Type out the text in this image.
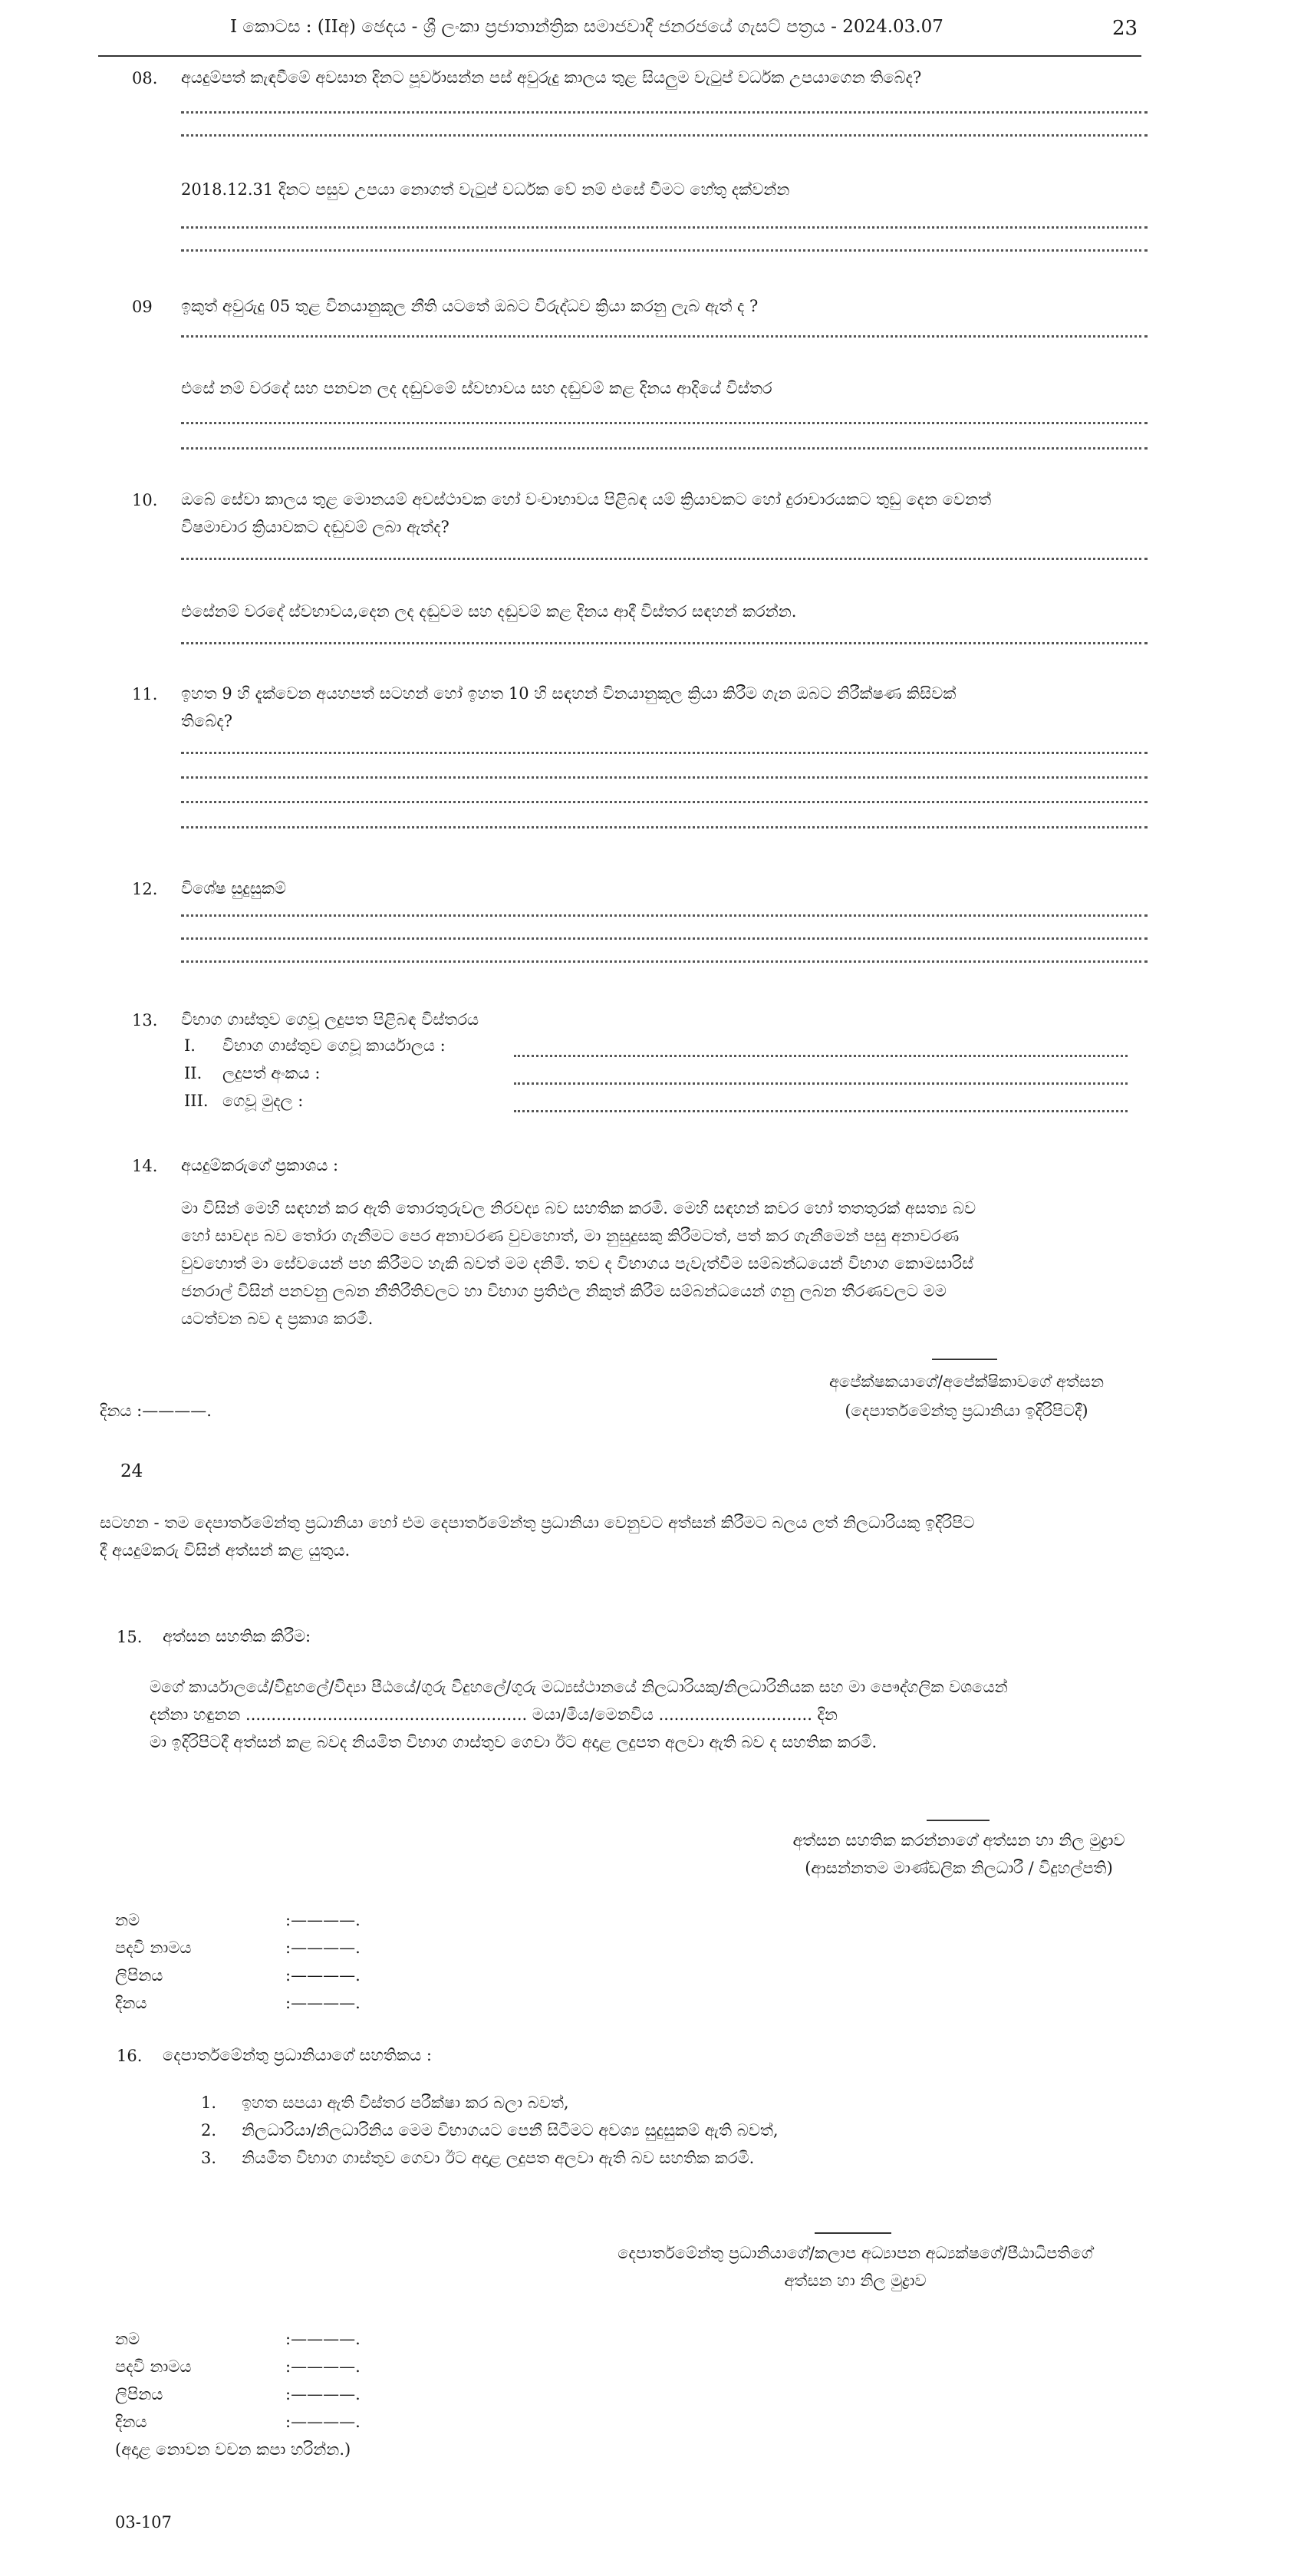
I කොටස : (IIඅ) ඡෙදය - ශ්‍රී ලංකා ප්‍රජාතාන්ත්‍රික සමාජවාදී ජනරජයේ ගැසට් පත්‍රය - 2024.03.07	23
08. අයදුම්පත් කැඳවීමේ අවසාන දිනට පූර්වාසන්න පස් අවුරුදු කාලය තුළ සියලුම වැටුප් වර්ධක උපයාගෙන තිබේද?
2018.12.31 දිනට පසුව උපයා නොගත් වැටුප් වර්ධක වේ නම් එසේ වීමට හේතු දක්වන්න
09 ඉකුත් අවුරුදු 05 තුළ විනයානුකූල නීති යටතේ ඔබට විරුද්ධව ක්‍රියා කරනු ලැබ ඇත් ද ?
එසේ නම් වරදේ සහ පනවන ලද දඬුවමේ ස්වභාවය සහ දඬුවම් කළ දිනය ආදියේ විස්තර
10. ඔබේ සේවා කාලය තුළ මොනයම් අවස්ථාවක හෝ වංචාභාවය පිළිබඳ යම් ක්‍රියාවකට හෝ දුරාචාරයකට තුඩු දෙන වෙනත්
විෂමාචාර ක්‍රියාවකට දඬුවම් ලබා ඇත්ද?
එසේනම් වරදේ ස්වභාවය,දෙන ලද දඬුවම සහ දඬුවම් කළ දිනය ආදී විස්තර සඳහන් කරන්න.
11. ඉහත 9 හි දැක්වෙන අයහපත් සටහන් හෝ ඉහත 10 හි සඳහන් විනයානුකූල ක්‍රියා කිරීම ගැන ඔබට නිරීක්ෂණ කිසිවක්
තිබේද?
12. විශේෂ සුදුසුකම්
13. විභාග ගාස්තුව ගෙවූ ලදුපත පිළිබඳ විස්තරය
I. විභාග ගාස්තුව ගෙවූ කාර්යාලය :
II. ලදුපත් අංකය :
III. ගෙවූ මුදල :
14. අයදුම්කරුගේ ප්‍රකාශය :
මා විසින් මෙහි සඳහන් කර ඇති තොරතුරුවල නිරවද්‍ය බව සහතික කරමි. මෙහි සඳහන් කවර හෝ තතතුරක් අසත්‍ය බව
හෝ සාවද්‍ය බව තෝරා ගැනීමට පෙර අනාවරණ වුවහොත්, මා නුසුදුසකු කිරීමටත්, පත් කර ගැනීමෙන් පසු අනාවරණ
වුවහොත් මා සේවයෙන් පහ කිරීමට හැකි බවත් මම දනිමි. තව ද විභාගය පැවැත්වීම සම්බන්ධයෙන් විභාග කොමසාරිස්
ජනරාල් විසින් පනවනු ලබන නීතිරීතිවලට හා විභාග ප්‍රතිඵල නිකුත් කිරීම සම්බන්ධයෙන් ගනු ලබන තීරණවලට මම
යටත්වන බව ද ප්‍රකාශ කරමි.
අපේක්ෂකයාගේ/අපේක්ෂිකාවගේ අත්සන
(දෙපාර්තමේන්තු ප්‍රධානියා ඉදිරිපිටදී)
දිනය :————.
24
සටහන - තම දෙපාර්තමේන්තු ප්‍රධානියා හෝ එම දෙපාර්තමේන්තු ප්‍රධානියා වෙනුවට අත්සන් කිරීමට බලය ලත් නිලධාරියකු ඉදිරිපිට
දී අයදුම්කරු විසින් අත්සන් කළ යුතුය.
15. අත්සන සහතික කිරීම:
මගේ කාර්යාලයේ/විදුහලේ/විද්‍යා පීඨයේ/ගුරු විදුහලේ/ගුරු මධ්‍යස්ථානයේ නිලධාරියකු/නිලධාරිනියක සහ මා පෞද්ගලික වශයෙන්
දන්නා හඳුනන ....................................................... මයා/මිය/මෙනවිය .............................. දින
මා ඉදිරිපිටදී අත්සන් කළ බවද නියමිත විභාග ගාස්තුව ගෙවා ඊට අදාළ ලදුපත අලවා ඇති බව ද සහතික කරමි.
අත්සන සහතික කරන්නාගේ අත්සන හා නිල මුද්‍රාව
(ආසන්නතම මාණ්ඩලික නිලධාරී / විදුහල්පති)
නම	:————.
පදවි නාමය	:————.
ලිපිනය	:————.
දිනය	:————.
16. දෙපාර්තමේන්තු ප්‍රධානියාගේ සහතිකය :
1. ඉහත සපයා ඇති විස්තර පරීක්ෂා කර බලා බවත්,
2. නිලධාරියා/නිලධාරිනිය මෙම විභාගයට පෙනී සිටීමට අවශ්‍ය සුදුසුකම් ඇති බවත්,
3. නියමිත විභාග ගාස්තුව ගෙවා ඊට අදාළ ලදුපත අලවා ඇති බව සහතික කරමි.
දෙපාර්තමේන්තු ප්‍රධානියාගේ/කලාප අධ්‍යාපන අධ්‍යක්ෂගේ/පීඨාධිපතිගේ
අත්සන හා නිල මුද්‍රාව
නම	:————.
පදවි නාමය	:————.
ලිපිනය	:————.
දිනය	:————.
(අදාළ නොවන වචන කපා හරින්න.)
03-107
